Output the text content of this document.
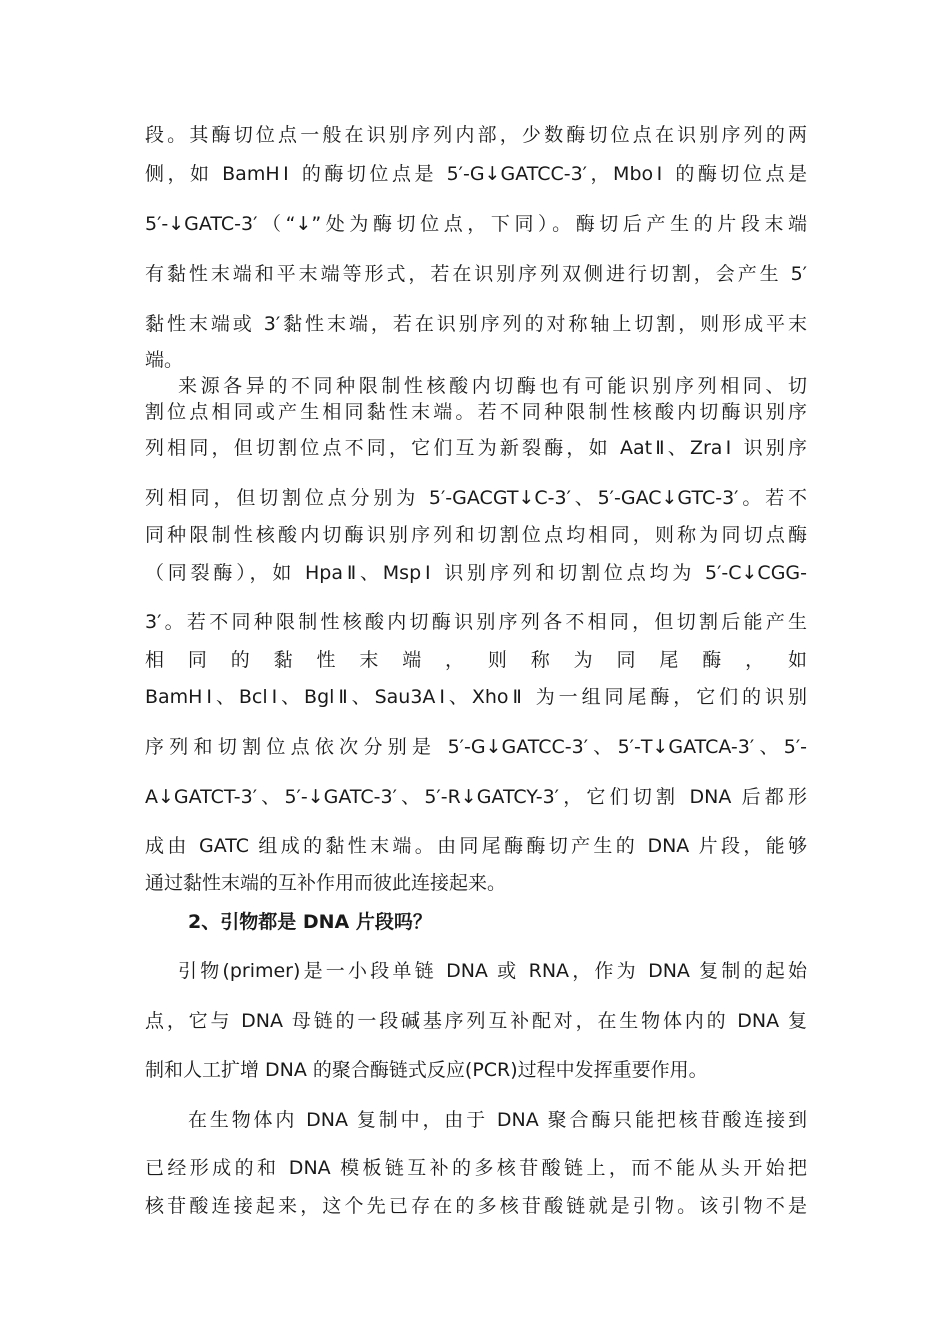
段。其酶切位点一般在识别序列内部，少数酶切位点在识别序列的两
侧，如 BamHⅠ 的酶切位点是 5′-G↓GATCC-3′，MboⅠ 的酶切位点是
5′-↓GATC-3′（“↓”处为酶切位点，下同）。酶切后产生的片段末端
有黏性末端和平末端等形式，若在识别序列双侧进行切割，会产生 5′
黏性末端或 3′黏性末端，若在识别序列的对称轴上切割，则形成平末
端。
来源各异的不同种限制性核酸内切酶也有可能识别序列相同、切
割位点相同或产生相同黏性末端。若不同种限制性核酸内切酶识别序
列相同，但切割位点不同，它们互为新裂酶，如 AatⅡ、ZraⅠ 识别序
列相同，但切割位点分别为 5′-GACGT↓C-3′、5′-GAC↓GTC-3′。若不
同种限制性核酸内切酶识别序列和切割位点均相同，则称为同切点酶
（同裂酶），如 HpaⅡ、MspⅠ 识别序列和切割位点均为 5′-C↓CGG-
3′。若不同种限制性核酸内切酶识别序列各不相同，但切割后能产生
相 同 的 黏 性 末 端 ， 则 称 为 同 尾 酶 ， 如
BamHⅠ、BclⅠ、BglⅡ、Sau3AⅠ、XhoⅡ 为一组同尾酶，它们的识别
序列和切割位点依次分别是 5′-G↓GATCC-3′、5′-T↓GATCA-3′、5′-
A↓GATCT-3′、5′-↓GATC-3′、5′-R↓GATCY-3′，它们切割 DNA 后都形
成由 GATC 组成的黏性末端。由同尾酶酶切产生的 DNA 片段，能够
通过黏性末端的互补作用而彼此连接起来。
2、引物都是 DNA 片段吗？
引物(primer)是一小段单链 DNA 或 RNA，作为 DNA 复制的起始
点，它与 DNA 母链的一段碱基序列互补配对，在生物体内的 DNA 复
制和人工扩增 DNA 的聚合酶链式反应(PCR)过程中发挥重要作用。
在生物体内 DNA 复制中，由于 DNA 聚合酶只能把核苷酸连接到
已经形成的和 DNA 模板链互补的多核苷酸链上，而不能从头开始把
核苷酸连接起来，这个先已存在的多核苷酸链就是引物。该引物不是
